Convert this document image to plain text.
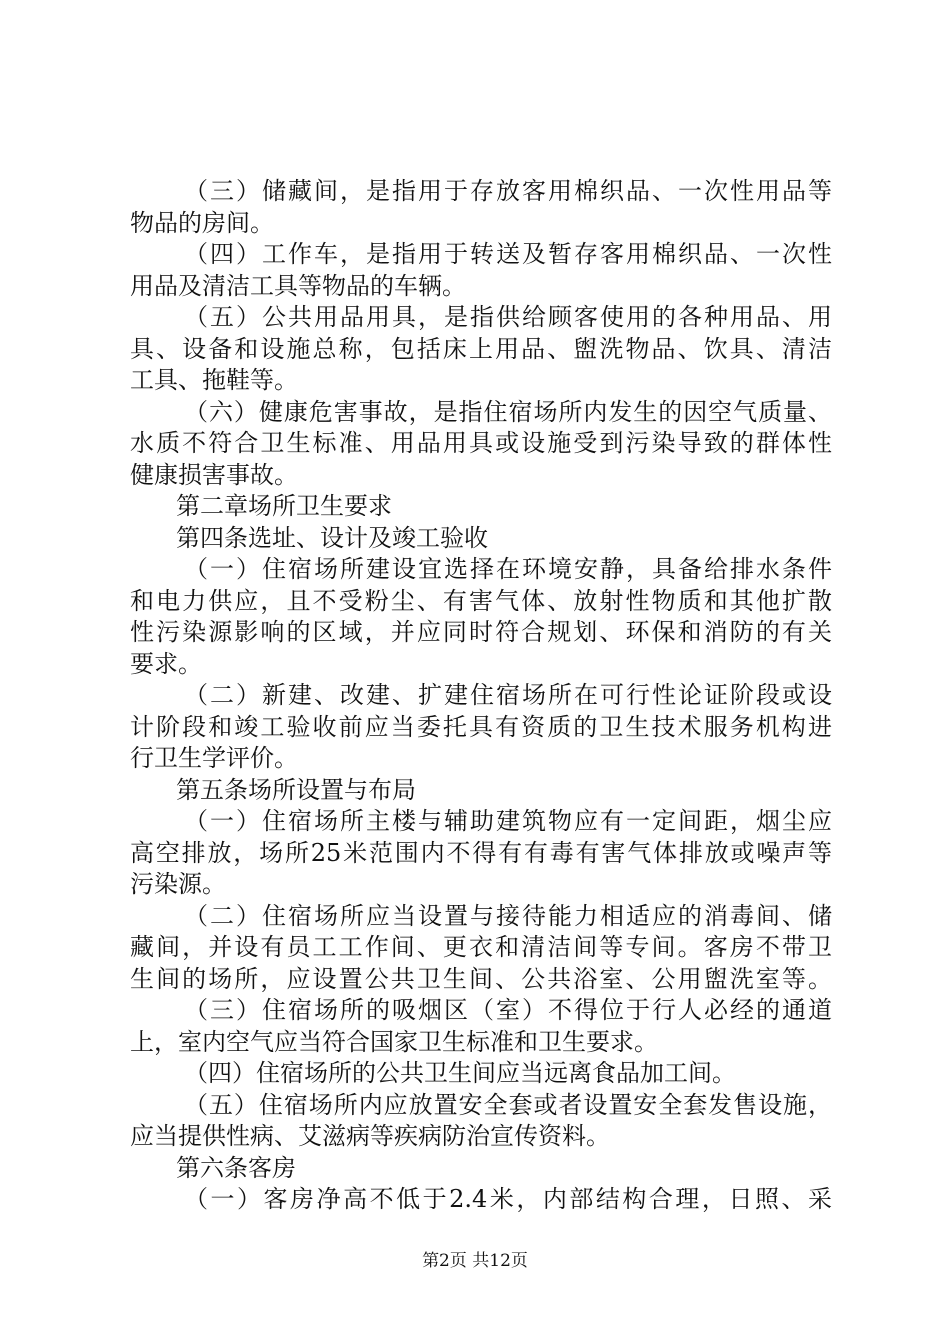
（三）储藏间，是指用于存放客用棉织品、一次性用品等
物品的房间。
（四）工作车，是指用于转送及暂存客用棉织品、一次性
用品及清洁工具等物品的车辆。
（五）公共用品用具，是指供给顾客使用的各种用品、用
具、设备和设施总称，包括床上用品、盥洗物品、饮具、清洁
工具、拖鞋等。
（六）健康危害事故，是指住宿场所内发生的因空气质量、
水质不符合卫生标准、用品用具或设施受到污染导致的群体性
健康损害事故。
第二章场所卫生要求
第四条选址、设计及竣工验收
（一）住宿场所建设宜选择在环境安静，具备给排水条件
和电力供应，且不受粉尘、有害气体、放射性物质和其他扩散
性污染源影响的区域，并应同时符合规划、环保和消防的有关
要求。
（二）新建、改建、扩建住宿场所在可行性论证阶段或设
计阶段和竣工验收前应当委托具有资质的卫生技术服务机构进
行卫生学评价。
第五条场所设置与布局
（一）住宿场所主楼与辅助建筑物应有一定间距，烟尘应
高空排放，场所25米范围内不得有有毒有害气体排放或噪声等
污染源。
（二）住宿场所应当设置与接待能力相适应的消毒间、储
藏间，并设有员工工作间、更衣和清洁间等专间。客房不带卫
生间的场所，应设置公共卫生间、公共浴室、公用盥洗室等。
（三）住宿场所的吸烟区（室）不得位于行人必经的通道
上，室内空气应当符合国家卫生标准和卫生要求。
（四）住宿场所的公共卫生间应当远离食品加工间。
（五）住宿场所内应放置安全套或者设置安全套发售设施，
应当提供性病、艾滋病等疾病防治宣传资料。
第六条客房
（一）客房净高不低于2.4米，内部结构合理，日照、采
第2页 共12页
